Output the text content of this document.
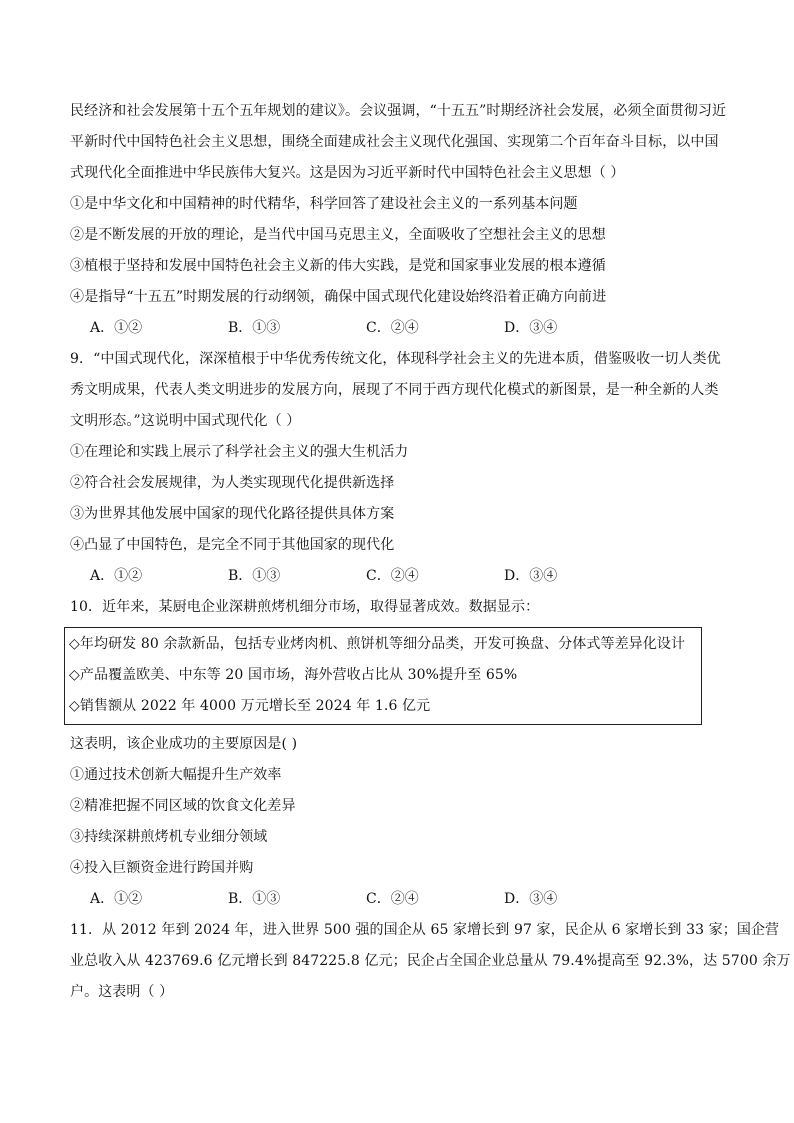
民经济和社会发展第十五个五年规划的建议》。会议强调，“十五五”时期经济社会发展，必须全面贯彻习近
平新时代中国特色社会主义思想，围绕全面建成社会主义现代化强国、实现第二个百年奋斗目标，以中国
式现代化全面推进中华民族伟大复兴。这是因为习近平新时代中国特色社会主义思想（ ）
①是中华文化和中国精神的时代精华，科学回答了建设社会主义的一系列基本问题
②是不断发展的开放的理论，是当代中国马克思主义，全面吸收了空想社会主义的思想
③植根于坚持和发展中国特色社会主义新的伟大实践，是党和国家事业发展的根本遵循
④是指导“十五五”时期发展的行动纲领，确保中国式现代化建设始终沿着正确方向前进
A．①②	B．①③	C．②④	D．③④
9．“中国式现代化，深深植根于中华优秀传统文化，体现科学社会主义的先进本质，借鉴吸收一切人类优
秀文明成果，代表人类文明进步的发展方向，展现了不同于西方现代化模式的新图景，是一种全新的人类
文明形态。”这说明中国式现代化（ ）
①在理论和实践上展示了科学社会主义的强大生机活力
②符合社会发展规律，为人类实现现代化提供新选择
③为世界其他发展中国家的现代化路径提供具体方案
④凸显了中国特色，是完全不同于其他国家的现代化
A．①②	B．①③	C．②④	D．③④
10．近年来，某厨电企业深耕煎烤机细分市场，取得显著成效。数据显示：
◇年均研发 80 余款新品，包括专业烤肉机、煎饼机等细分品类，开发可换盘、分体式等差异化设计
◇产品覆盖欧美、中东等 20 国市场，海外营收占比从 30%提升至 65%
◇销售额从 2022 年 4000 万元增长至 2024 年 1.6 亿元
这表明，该企业成功的主要原因是( )
①通过技术创新大幅提升生产效率
②精准把握不同区域的饮食文化差异
③持续深耕煎烤机专业细分领域
④投入巨额资金进行跨国并购
A．①②	B．①③	C．②④	D．③④
11．从 2012 年到 2024 年，进入世界 500 强的国企从 65 家增长到 97 家，民企从 6 家增长到 33 家；国企营
业总收入从 423769.6 亿元增长到 847225.8 亿元；民企占全国企业总量从 79.4%提高至 92.3%，达 5700 余万
户。这表明（ ）
